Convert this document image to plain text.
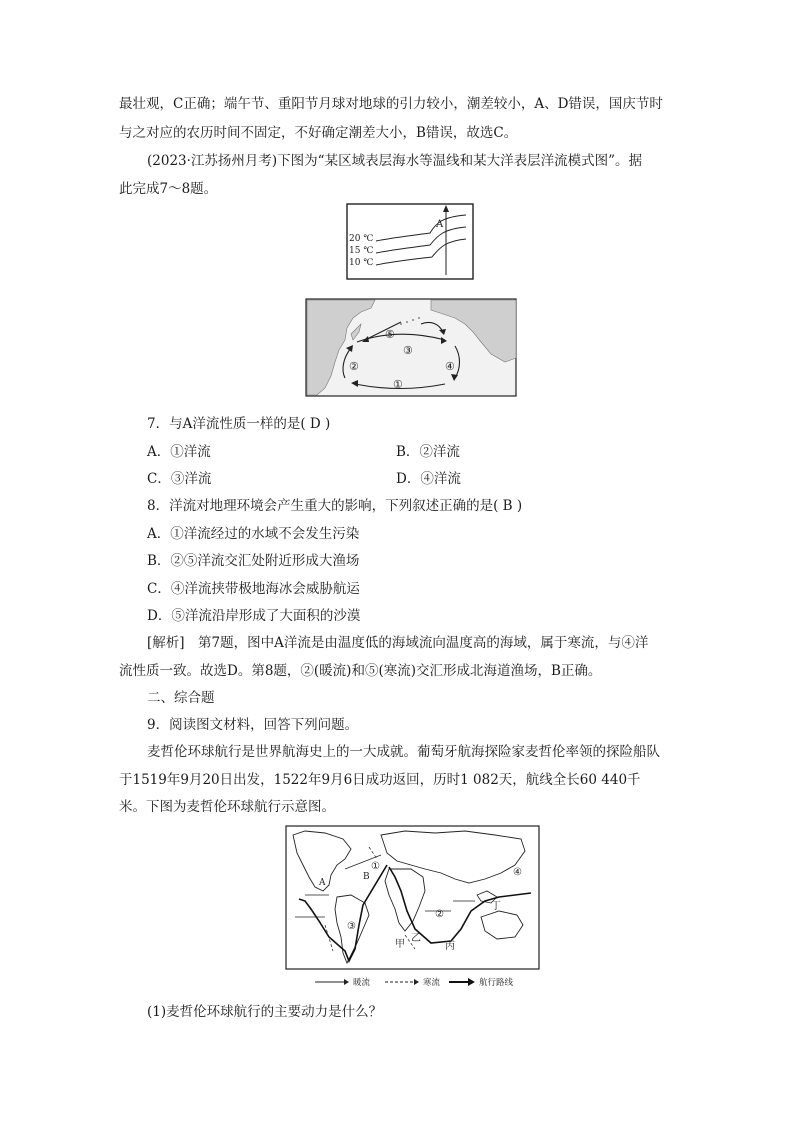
最壮观，C正确；端午节、重阳节月球对地球的引力较小，潮差较小，A、D错误，国庆节时
与之对应的农历时间不固定，不好确定潮差大小，B错误，故选C。
(2023·江苏扬州月考)下图为“某区域表层海水等温线和某大洋表层洋流模式图”。据
此完成7～8题。
A
20 ℃
15 ℃
10 ℃
①
②
③
④
⑤
7．与A洋流性质一样的是( D )
A．①洋流	B．②洋流
C．③洋流	D．④洋流
8．洋流对地理环境会产生重大的影响，下列叙述正确的是( B )
A．①洋流经过的水域不会发生污染
B．②⑤洋流交汇处附近形成大渔场
C．④洋流挟带极地海冰会威胁航运
D．⑤洋流沿岸形成了大面积的沙漠
[解析]　第7题，图中A洋流是由温度低的海域流向温度高的海域，属于寒流，与④洋
流性质一致。故选D。第8题，②(暖流)和⑤(寒流)交汇形成北海道渔场，B正确。
二、综合题
9．阅读图文材料，回答下列问题。
麦哲伦环球航行是世界航海史上的一大成就。葡萄牙航海探险家麦哲伦率领的探险船队
于1519年9月20日出发，1522年9月6日成功返回，历时1 082天，航线全长60 440千
米。下图为麦哲伦环球航行示意图。
①
②
③
④
A
B
甲
乙
丙
丁
暖流	寒流	航行路线
(1)麦哲伦环球航行的主要动力是什么？
